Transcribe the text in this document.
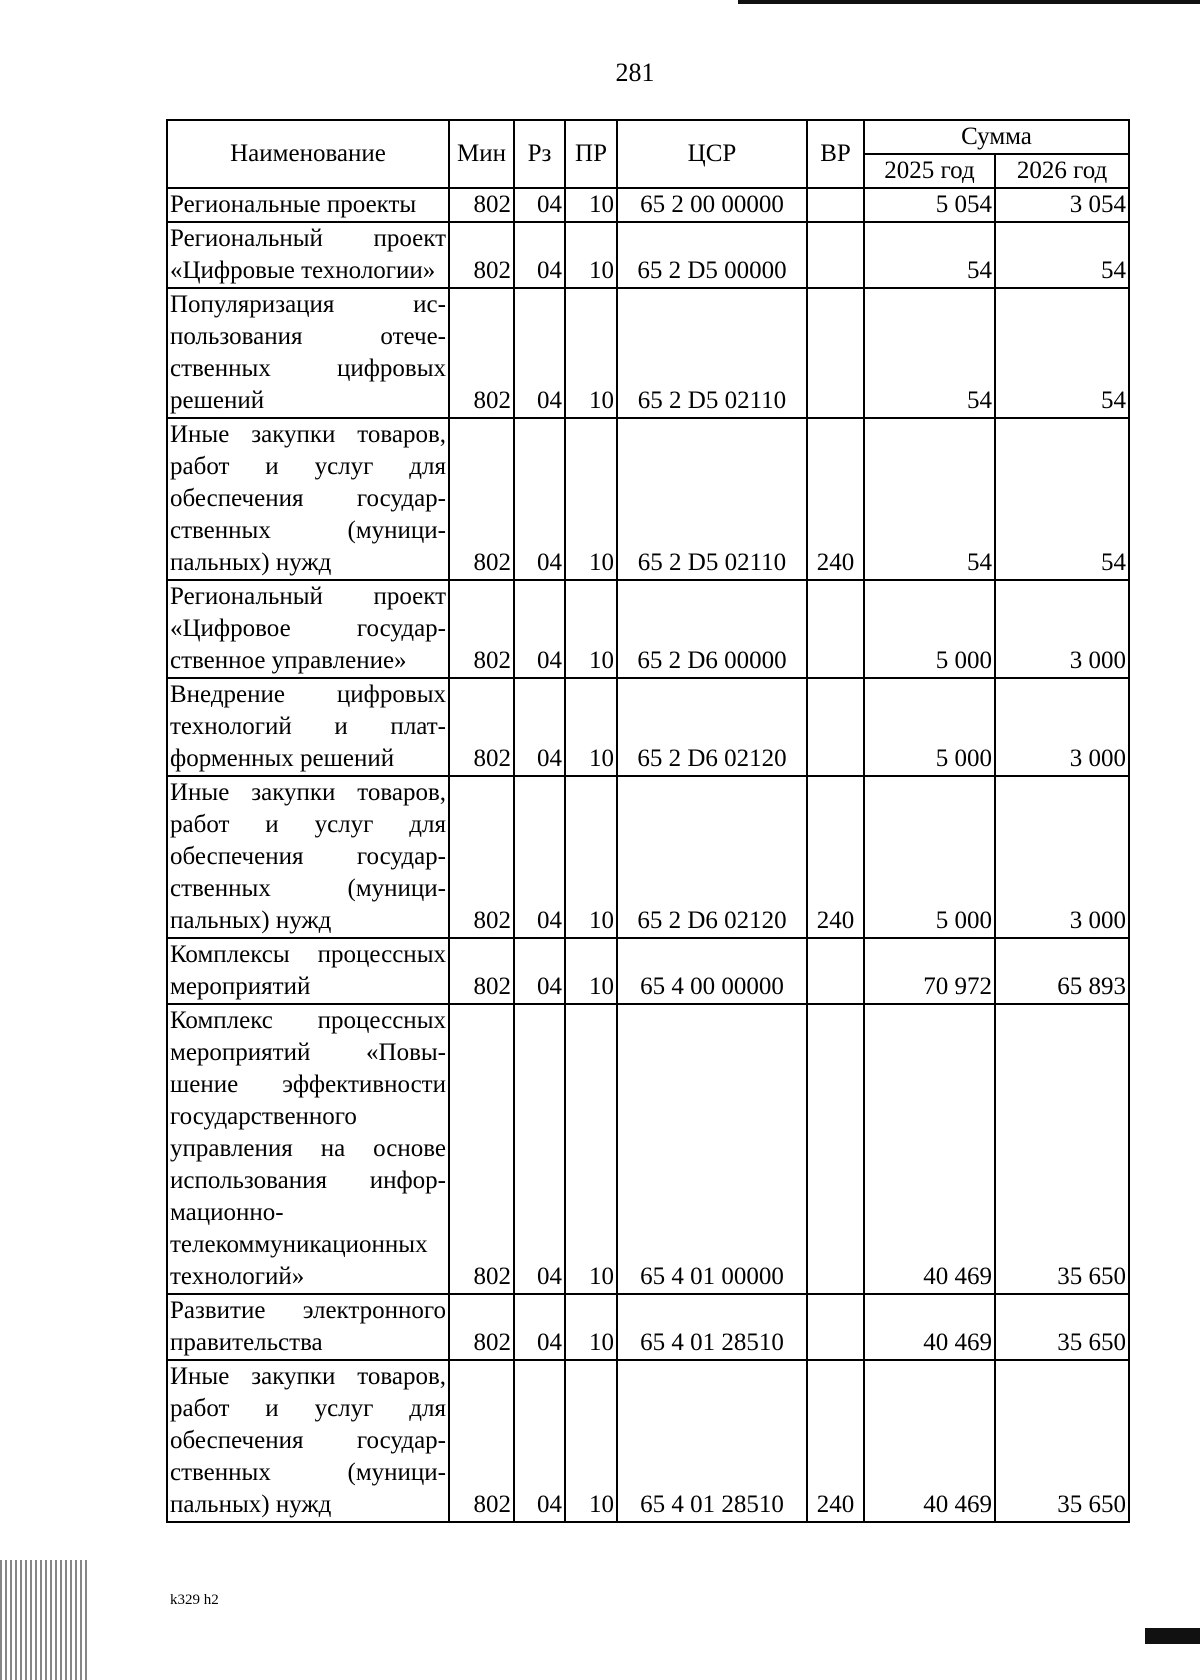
281
Наименование	Мин	Рз	ПР	ЦСР	ВР	Сумма	
						2025 год	2026 год
Региональные проекты	802	04	10	65 2 00 00000		5 054	3 054
Региональный проект «Цифровые технологии»	802	04	10	65 2 D5 00000		54	54
Популяризация использования отечественных цифровых решений	802	04	10	65 2 D5 02110		54	54
Иные закупки товаров, работ и услуг для обеспечения государственных (муниципальных) нужд	802	04	10	65 2 D5 02110	240	54	54
Региональный проект «Цифровое государственное управление»	802	04	10	65 2 D6 00000		5 000	3 000
Внедрение цифровых технологий и платформенных решений	802	04	10	65 2 D6 02120		5 000	3 000
Иные закупки товаров, работ и услуг для обеспечения государственных (муниципальных) нужд	802	04	10	65 2 D6 02120	240	5 000	3 000
Комплексы процессных мероприятий	802	04	10	65 4 00 00000		70 972	65 893
Комплекс процессных мероприятий «Повышение эффективности государственного управления на основе использования информационно- телекоммуникационных технологий»	802	04	10	65 4 01 00000		40 469	35 650
Развитие электронного правительства	802	04	10	65 4 01 28510		40 469	35 650
Иные закупки товаров, работ и услуг для обеспечения государственных (муниципальных) нужд	802	04	10	65 4 01 28510	240	40 469	35 650
k329 h2
